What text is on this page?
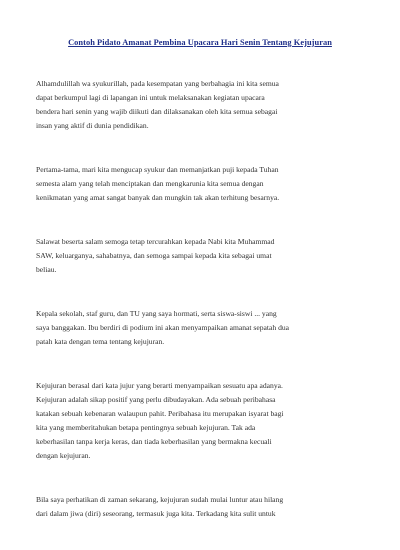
Contoh Pidato Amanat Pembina Upacara Hari Senin Tentang Kejujuran
Alhamdulillah wa syukurillah, pada kesempatan yang berbahagia ini kita semua
dapat berkumpul lagi di lapangan ini untuk melaksanakan kegiatan upacara
bendera hari senin yang wajib diikuti dan dilaksanakan oleh kita semua sebagai
insan yang aktif di dunia pendidikan.
Pertama-tama, mari kita mengucap syukur dan memanjatkan puji kepada Tuhan
semesta alam yang telah menciptakan dan mengkaruniа kita semua dengan
kenikmatan yang amat sangat banyak dan mungkin tak akan terhitung besarnya.
Salawat beserta salam semoga tetap tercurahkan kepada Nabi kita Muhammad
SAW, keluarganya, sahabatnya, dan semoga sampai kepada kita sebagai umat
beliau.
Kepala sekolah, staf guru, dan TU yang saya hormati, serta siswa-siswi ... yang
saya banggakan. Ibu berdiri di podium ini akan menyampaikan amanat sepatah dua
patah kata dengan tema tentang kejujuran.
Kejujuran berasal dari kata jujur yang berarti menyampaikan sesuatu apa adanya.
Kejujuran adalah sikap positif yang perlu dibudayakan. Ada sebuah peribahasa
katakan sebuah kebenaran walaupun pahit. Peribahasa itu merupakan isyarat bagi
kita yang memberitahukan betapa pentingnya sebuah kejujuran. Tak ada
keberhasilan tanpa kerja keras, dan tiada keberhasilan yang bermakna kecuali
dengan kejujuran.
Bila saya perhatikan di zaman sekarang, kejujuran sudah mulai luntur atau hilang
dari dalam jiwa (diri) seseorang, termasuk juga kita. Terkadang kita sulit untuk
